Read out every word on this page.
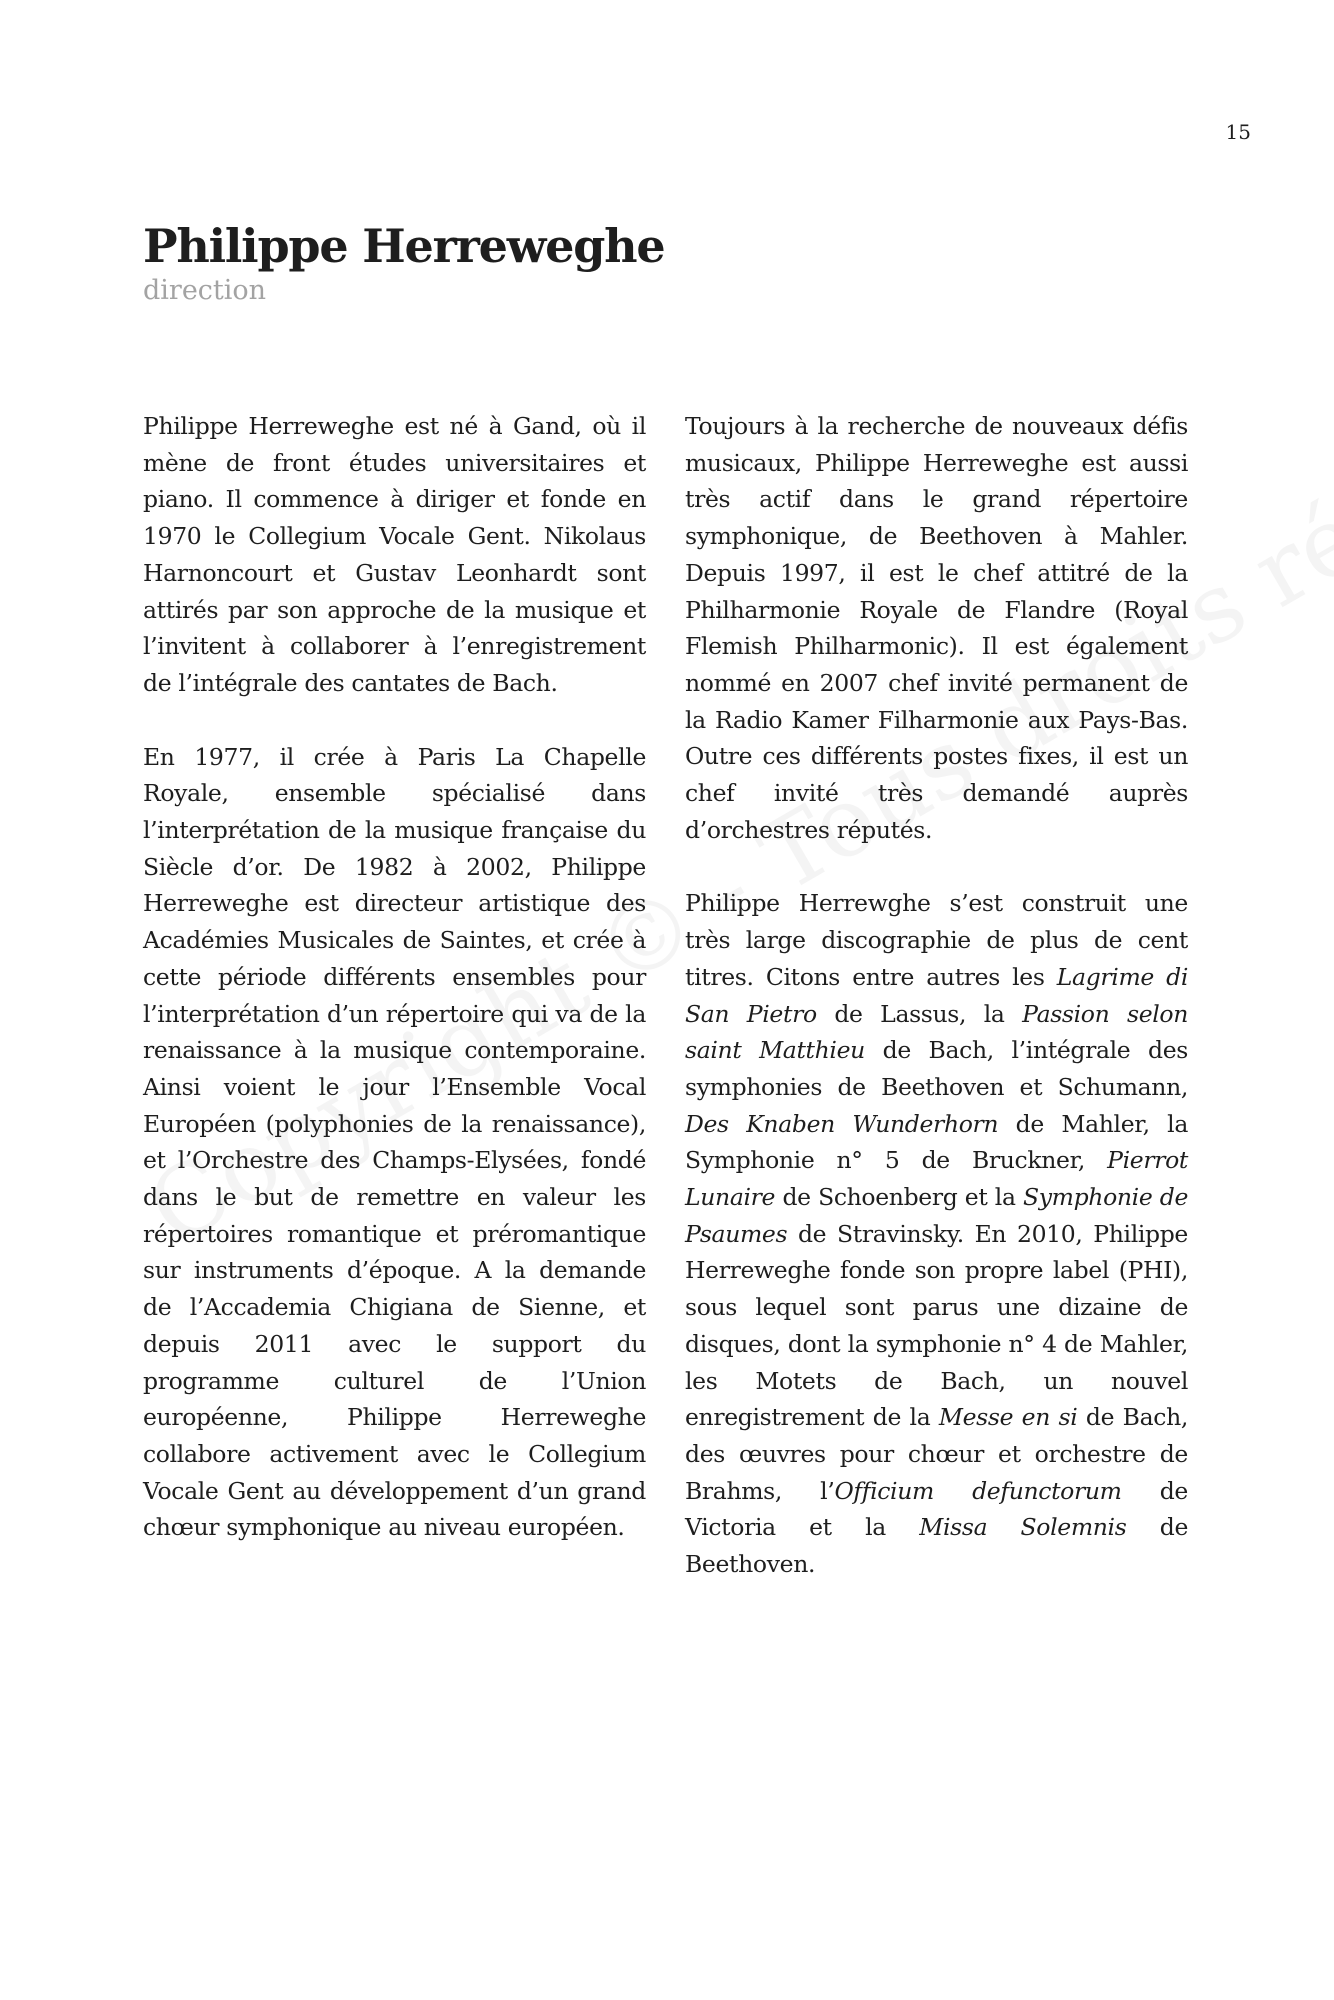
15
Philippe Herreweghe

direction

Philippe Herreweghe est né à Gand, où il mène de front études universitaires et piano. Il commence à diriger et fonde en 1970 le Collegium Vocale Gent. Nikolaus Harnoncourt et Gustav Leonhardt sont attirés par son approche de la musique et l’invitent à collaborer à l’enregistrement de l’intégrale des cantates de Bach.

En 1977, il crée à Paris La Chapelle Royale, ensemble spécialisé dans l’interprétation de la musique française du Siècle d’or. De 1982 à 2002, Philippe Herreweghe est directeur artistique des Académies Musicales de Saintes, et crée à cette période différents ensembles pour l’interprétation d’un répertoire qui va de la renaissance à la musique contemporaine. Ainsi voient le jour l’Ensemble Vocal Européen (polyphonies de la renaissance), et l’Orchestre des Champs-Elysées, fondé dans le but de remettre en valeur les répertoires romantique et préromantique sur instruments d’époque. A la demande de l’Accademia Chigiana de Sienne, et depuis 2011 avec le support du programme culturel de l’Union européenne, Philippe Herreweghe collabore activement avec le Collegium Vocale Gent au développement d’un grand chœur symphonique au niveau européen.

Toujours à la recherche de nouveaux défis musicaux, Philippe Herreweghe est aussi très actif dans le grand répertoire symphonique, de Beethoven à Mahler. Depuis 1997, il est le chef attitré de la Philharmonie Royale de Flandre (Royal Flemish Philharmonic). Il est également nommé en 2007 chef invité permanent de la Radio Kamer Filharmonie aux Pays-Bas. Outre ces différents postes fixes, il est un chef invité très demandé auprès d’orchestres réputés.

Philippe Herrewghe s’est construit une très large discographie de plus de cent titres. Citons entre autres les Lagrime di San Pietro de Lassus, la Passion selon saint Matthieu de Bach, l’intégrale des symphonies de Beethoven et Schumann, Des Knaben Wunderhorn de Mahler, la Symphonie n° 5 de Bruckner, Pierrot Lunaire de Schoenberg et la Symphonie de Psaumes de Stravinsky. En 2010, Philippe Herreweghe fonde son propre label (PHI), sous lequel sont parus une dizaine de disques, dont la symphonie n° 4 de Mahler, les Motets de Bach, un nouvel enregistrement de la Messe en si de Bach, des œuvres pour chœur et orchestre de Brahms, l’Officium defunctorum de Victoria et la Missa Solemnis de Beethoven.
